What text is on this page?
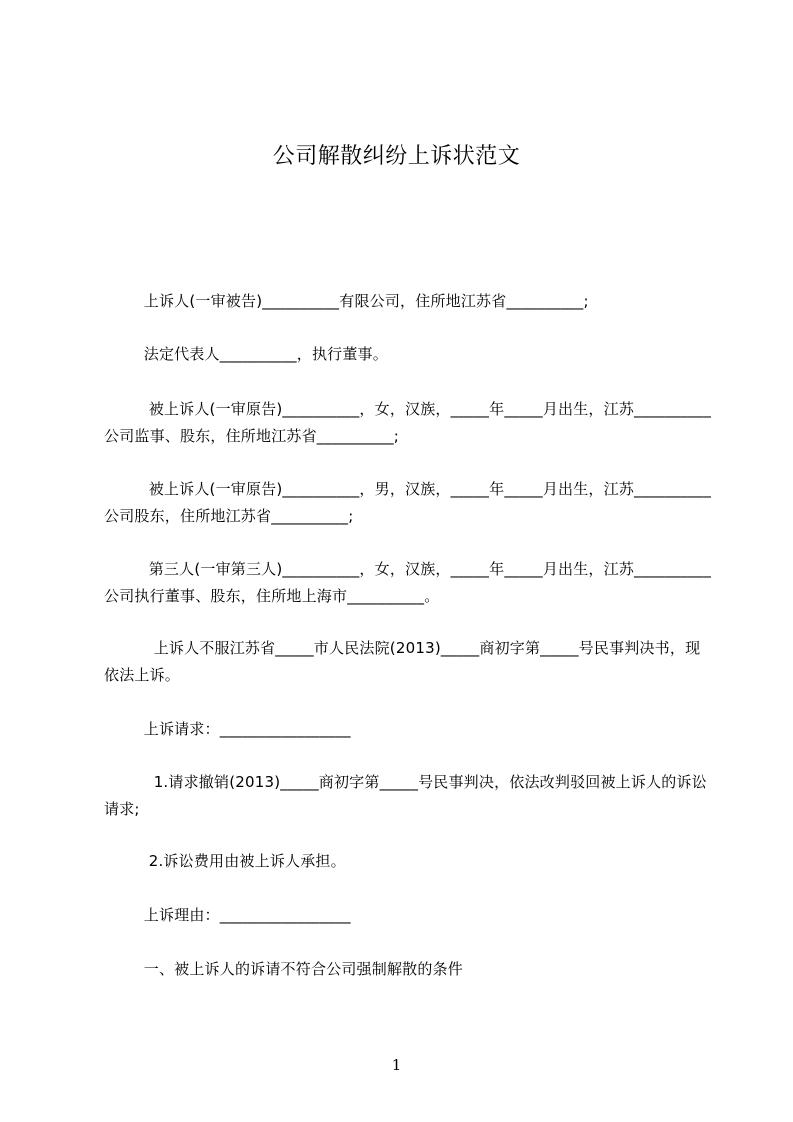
公司解散纠纷上诉状范文
上诉人(一审被告)__________有限公司，住所地江苏省__________;
法定代表人__________，执行董事。
被上诉人(一审原告)__________，女，汉族，_____年_____月出生，江苏__________公司监事、股东，住所地江苏省__________;
被上诉人(一审原告)__________，男，汉族，_____年_____月出生，江苏__________公司股东，住所地江苏省__________;
第三人(一审第三人)__________，女，汉族，_____年_____月出生，江苏__________公司执行董事、股东，住所地上海市__________。
上诉人不服江苏省_____市人民法院(2013)_____商初字第_____号民事判决书，现依法上诉。
上诉请求：_________________
1.请求撤销(2013)_____商初字第_____号民事判决，依法改判驳回被上诉人的诉讼请求;
2.诉讼费用由被上诉人承担。
上诉理由：_________________
一、被上诉人的诉请不符合公司强制解散的条件
1
